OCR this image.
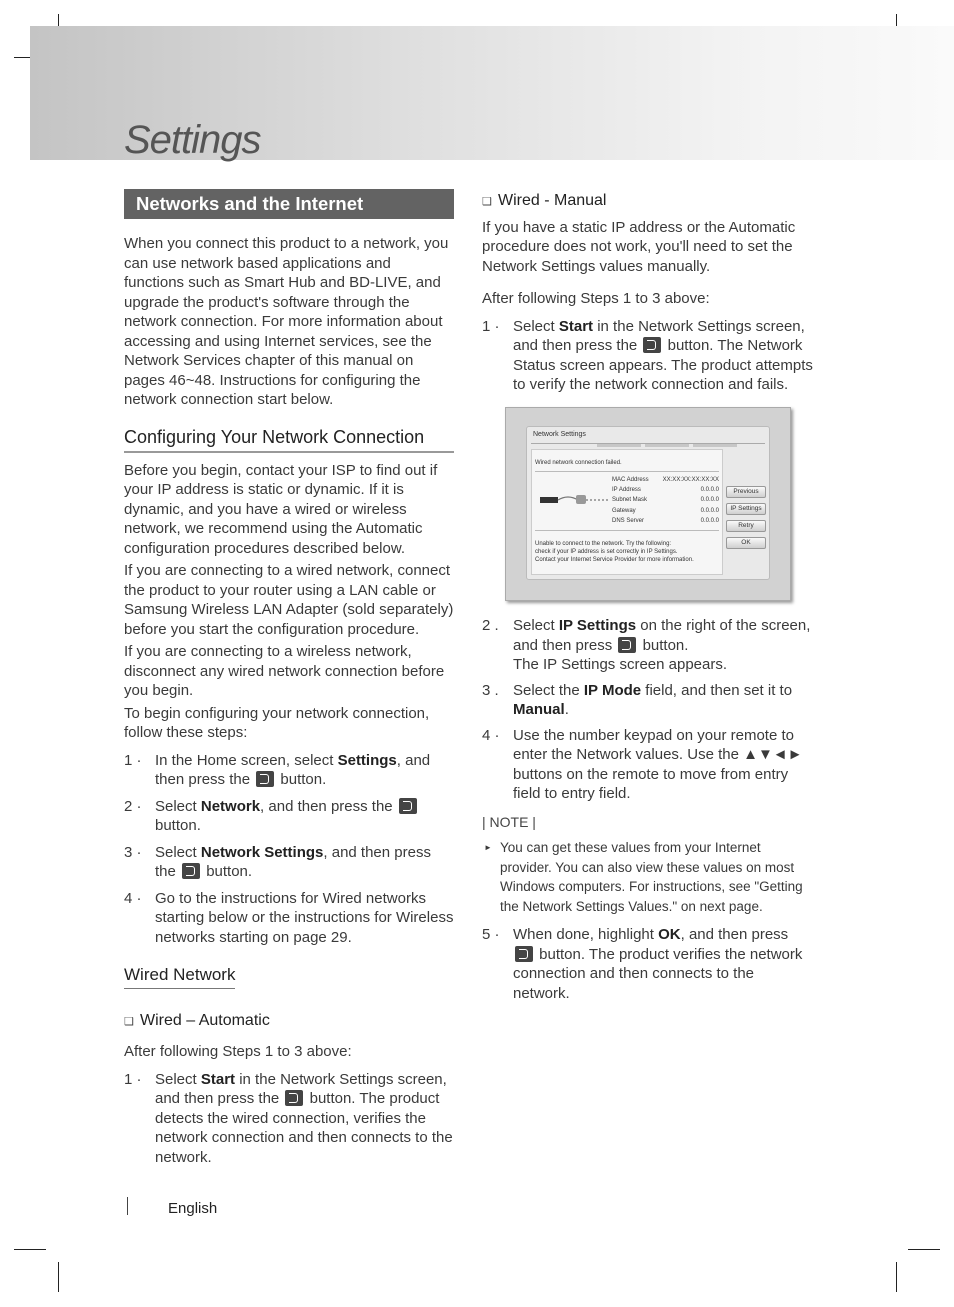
Settings
Networks and the Internet

When you connect this product to a network, you can use network based applications and functions such as Smart Hub and BD-LIVE, and upgrade the product's software through the network connection. For more information about accessing and using Internet services, see the Network Services chapter of this manual on pages 46~48. Instructions for configuring the network connection start below.

Configuring Your Network Connection

Before you begin, contact your ISP to find out if your IP address is static or dynamic. If it is dynamic, and you have a wired or wireless network, we recommend using the Automatic configuration procedures described below.

If you are connecting to a wired network, connect the product to your router using a LAN cable or Samsung Wireless LAN Adapter (sold separately) before you start the configuration procedure.

If you are connecting to a wireless network, disconnect any wired network connection before you begin.

To begin configuring your network connection, follow these steps:

1 · In the Home screen, select Settings, and then press the  button.
2 · Select Network, and then press the  button.
3 · Select Network Settings, and then press the  button.
4 · Go to the instructions for Wired networks starting below or the instructions for Wireless networks starting on page 29.
Wired Network
❑ Wired – Automatic

After following Steps 1 to 3 above:

1 · Select Start in the Network Settings screen, and then press the  button. The product detects the wired connection, verifies the network connection and then connects to the network.
❑ Wired - Manual

If you have a static IP address or the Automatic procedure does not work, you'll need to set the Network Settings values manually.

After following Steps 1 to 3 above:

1 · Select Start in the Network Settings screen, and then press the  button. The Network Status screen appears. The product attempts to verify the network connection and fails.
Network Settings
Wired network connection failed.
MAC Address
IP Address
Subnet Mask
Gateway
DNS Server
XX:XX:XX:XX:XX:XX
0.0.0.0
0.0.0.0
0.0.0.0
0.0.0.0
Unable to connect to the network. Try the following:
check if your IP address is set correctly in IP Settings.
Contact your Internet Service Provider for more information.
Previous
IP Settings
Retry
OK
2 . Select IP Settings on the right of the screen, and then press  button.
The IP Settings screen appears.
3 . Select the IP Mode field, and then set it to Manual.
4 · Use the number keypad on your remote to enter the Network values. Use the ▲▼◄► buttons on the remote to move from entry field to entry field.
| NOTE |
► You can get these values from your Internet provider. You can also view these values on most Windows computers. For instructions, see "Getting the Network Settings Values." on next page.
5 · When done, highlight OK, and then press  button. The product verifies the network connection and then connects to the network.
English
